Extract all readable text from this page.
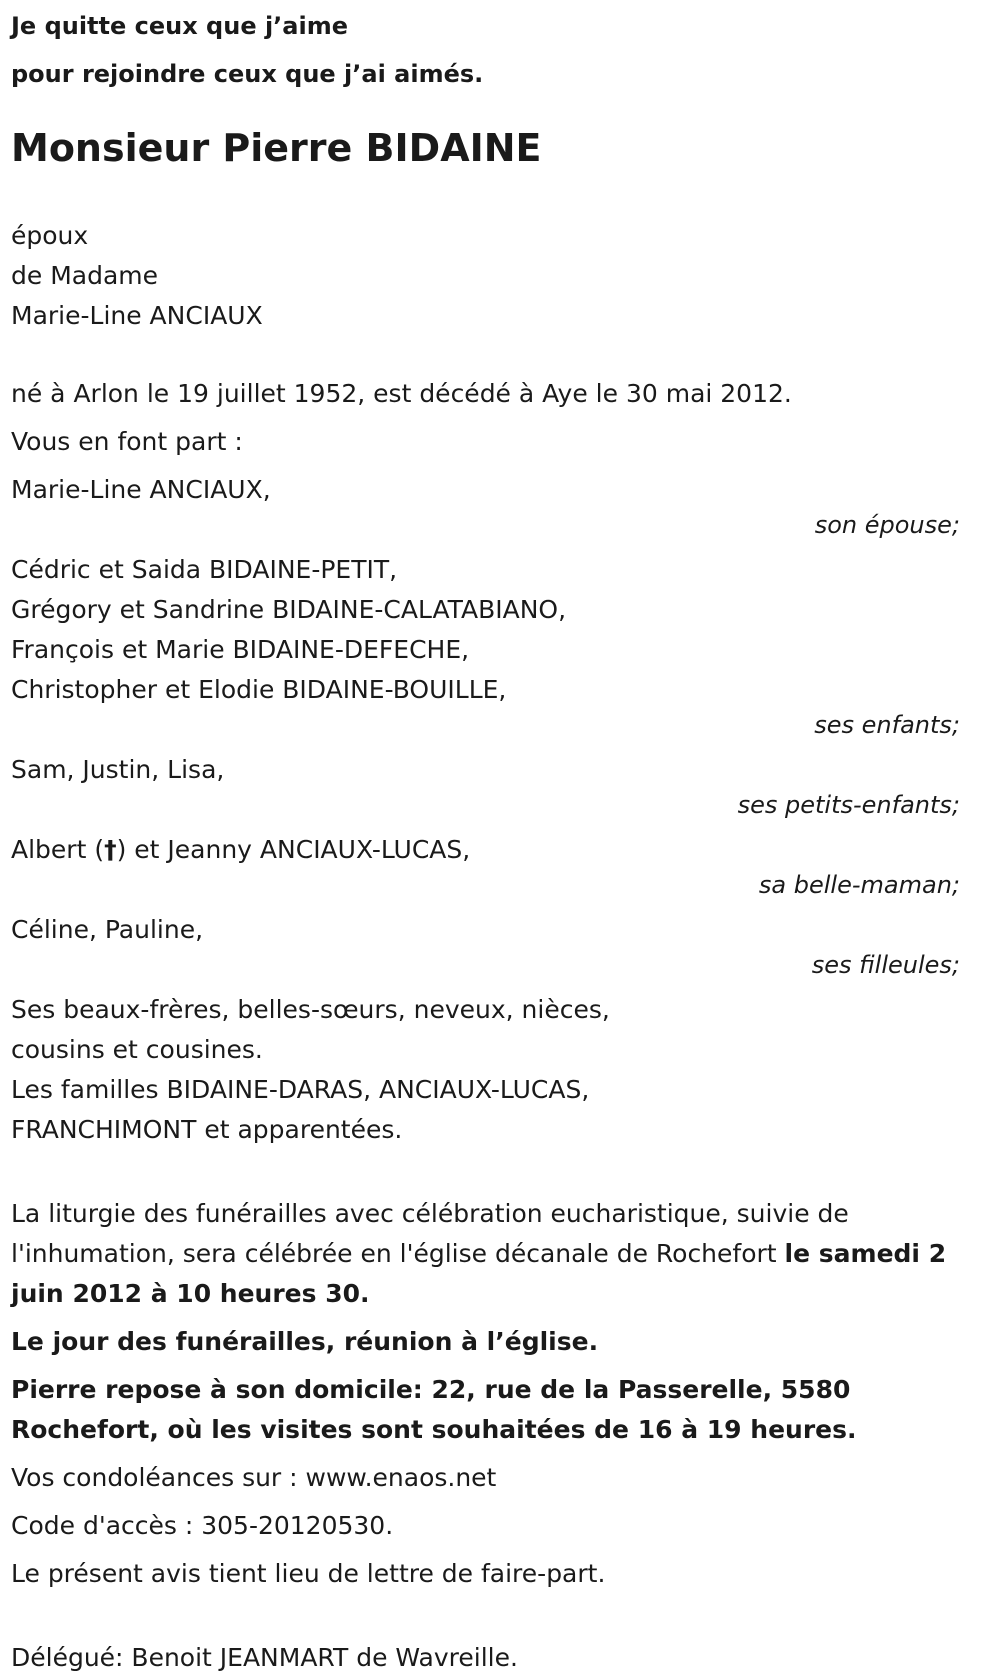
Je quitte ceux que j’aime

pour rejoindre ceux que j’ai aimés.

Monsieur Pierre BIDAINE

époux

de Madame

Marie-Line ANCIAUX

né à Arlon le 19 juillet 1952, est décédé à Aye le 30 mai 2012.

Vous en font part :

Marie-Line ANCIAUX,

son épouse;

Cédric et Saida BIDAINE-PETIT,

Grégory et Sandrine BIDAINE-CALATABIANO,

François et Marie BIDAINE-DEFECHE,

Christopher et Elodie BIDAINE-BOUILLE,

ses enfants;

Sam, Justin, Lisa,

ses petits-enfants;

Albert (†) et Jeanny ANCIAUX-LUCAS,

sa belle-maman;

Céline, Pauline,

ses filleules;

Ses beaux-frères, belles-sœurs, neveux, nièces,

cousins et cousines.

Les familles BIDAINE-DARAS, ANCIAUX-LUCAS,

FRANCHIMONT et apparentées.

La liturgie des funérailles avec célébration eucharistique, suivie de l'inhumation, sera célébrée en l'église décanale de Rochefort le samedi 2 juin 2012 à 10 heures 30.

Le jour des funérailles, réunion à l’église.

Pierre repose à son domicile: 22, rue de la Passerelle, 5580 Rochefort, où les visites sont souhaitées de 16 à 19 heures.

Vos condoléances sur : www.enaos.net

Code d'accès : 305-20120530.

Le présent avis tient lieu de lettre de faire-part.

Délégué: Benoit JEANMART de Wavreille.
